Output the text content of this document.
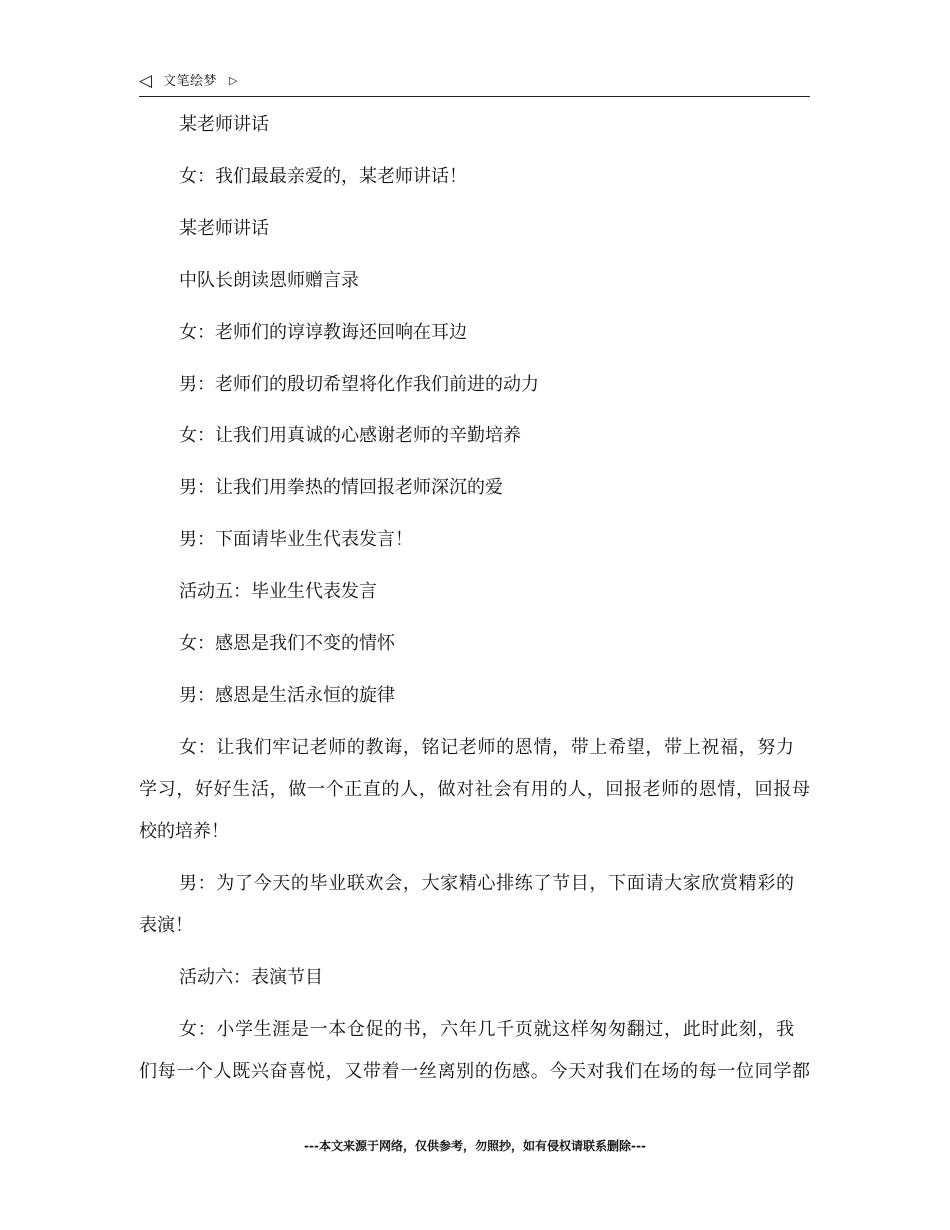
◁ 文笔绘梦 ▷
某老师讲话
女：我们最最亲爱的，某老师讲话！
某老师讲话
中队长朗读恩师赠言录
女：老师们的谆谆教诲还回响在耳边
男：老师们的殷切希望将化作我们前进的动力
女：让我们用真诚的心感谢老师的辛勤培养
男：让我们用拳热的情回报老师深沉的爱
男：下面请毕业生代表发言！
活动五：毕业生代表发言
女：感恩是我们不变的情怀
男：感恩是生活永恒的旋律
女：让我们牢记老师的教诲，铭记老师的恩情，带上希望，带上祝福，努力
学习，好好生活，做一个正直的人，做对社会有用的人，回报老师的恩情，回报母
校的培养！
男：为了今天的毕业联欢会，大家精心排练了节目，下面请大家欣赏精彩的
表演！
活动六：表演节目
女：小学生涯是一本仓促的书，六年几千页就这样匆匆翻过，此时此刻，我
们每一个人既兴奋喜悦，又带着一丝离别的伤感。今天对我们在场的每一位同学都
---本文来源于网络，仅供参考，勿照抄，如有侵权请联系删除---
